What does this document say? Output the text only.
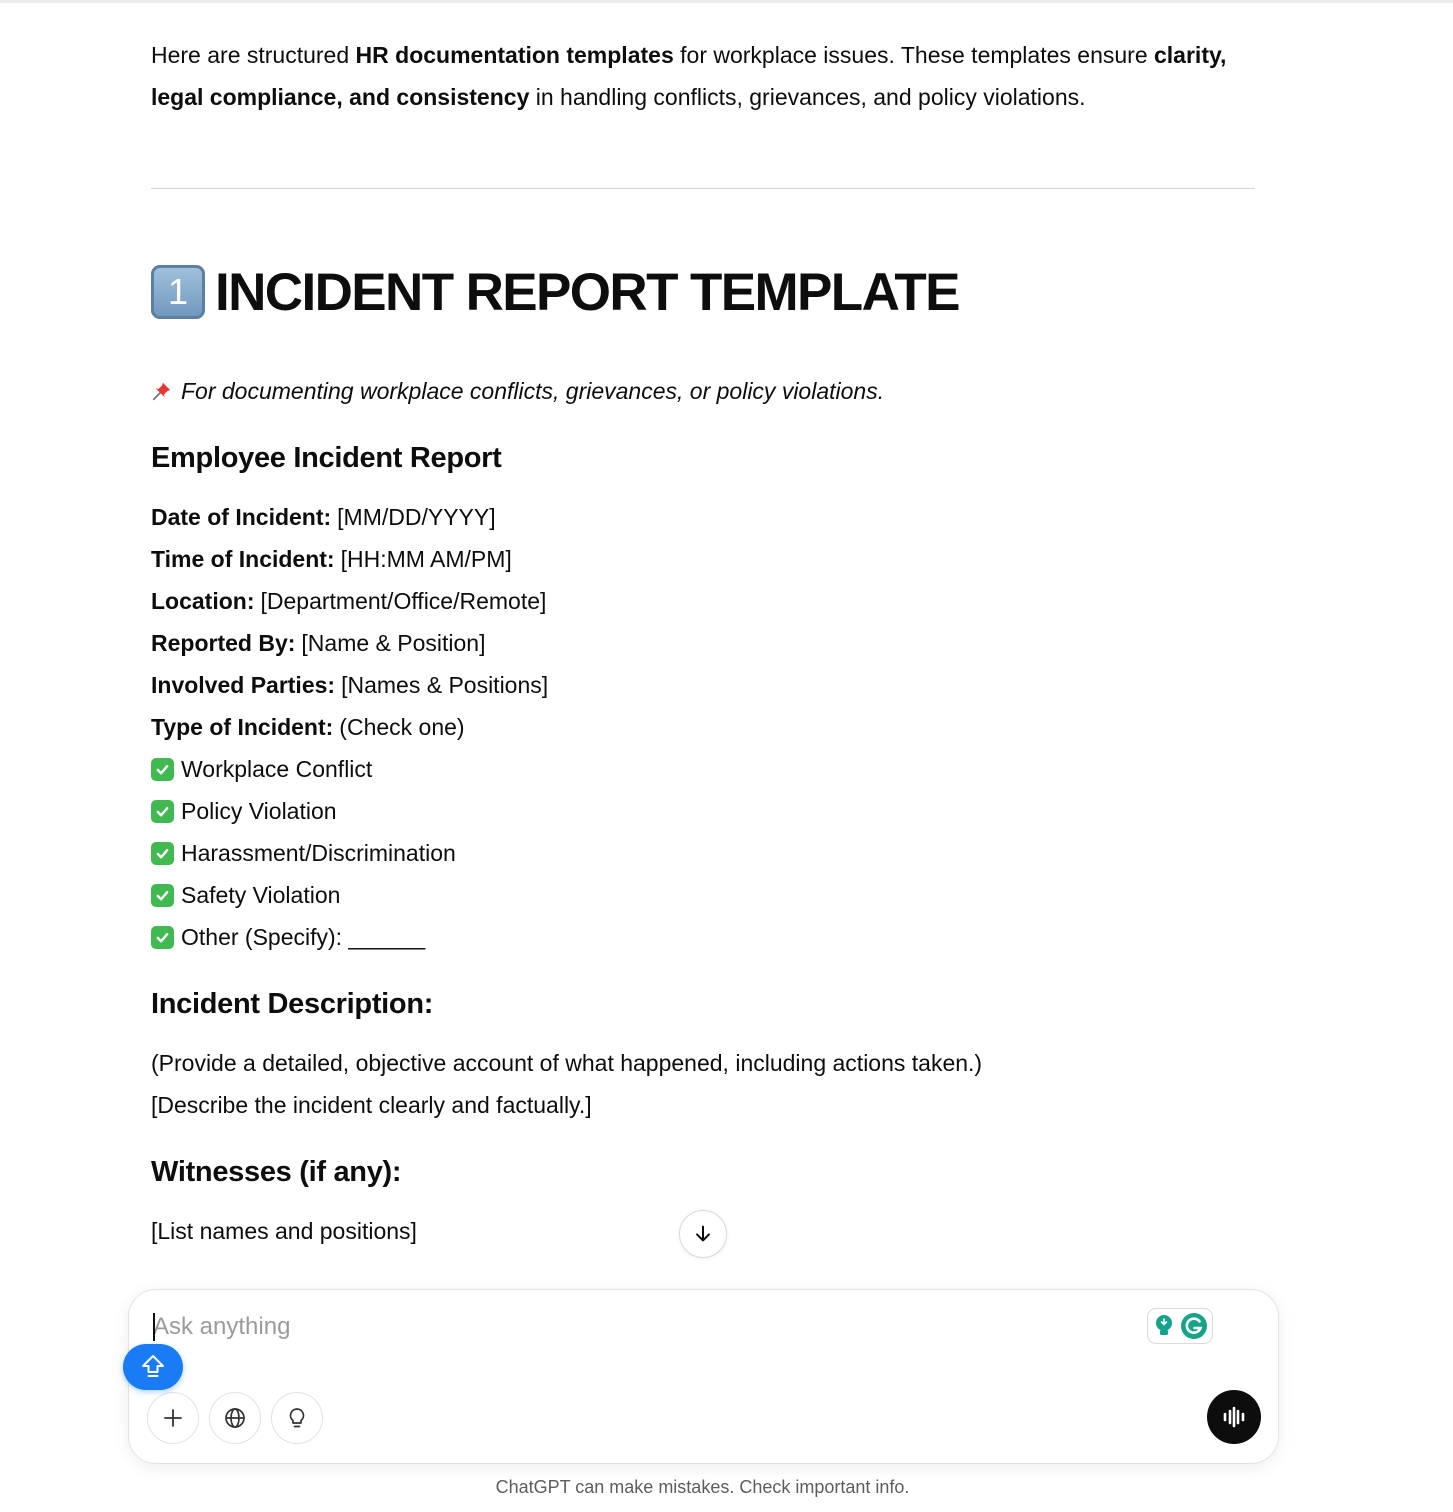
Here are structured HR documentation templates for workplace issues. These templates ensure clarity, legal compliance, and consistency in handling conflicts, grievances, and policy violations.

1 INCIDENT REPORT TEMPLATE

For documenting workplace conflicts, grievances, or policy violations.

Employee Incident Report
Date of Incident: [MM/DD/YYYY]
Time of Incident: [HH:MM AM/PM]
Location: [Department/Office/Remote]
Reported By: [Name & Position]
Involved Parties: [Names & Positions]
Type of Incident: (Check one)
Workplace Conflict
Policy Violation
Harassment/Discrimination
Safety Violation
Other (Specify): ______
Incident Description:

(Provide a detailed, objective account of what happened, including actions taken.)

[Describe the incident clearly and factually.]

Witnesses (if any):

[List names and positions]

Ask anything
ChatGPT can make mistakes. Check important info.
